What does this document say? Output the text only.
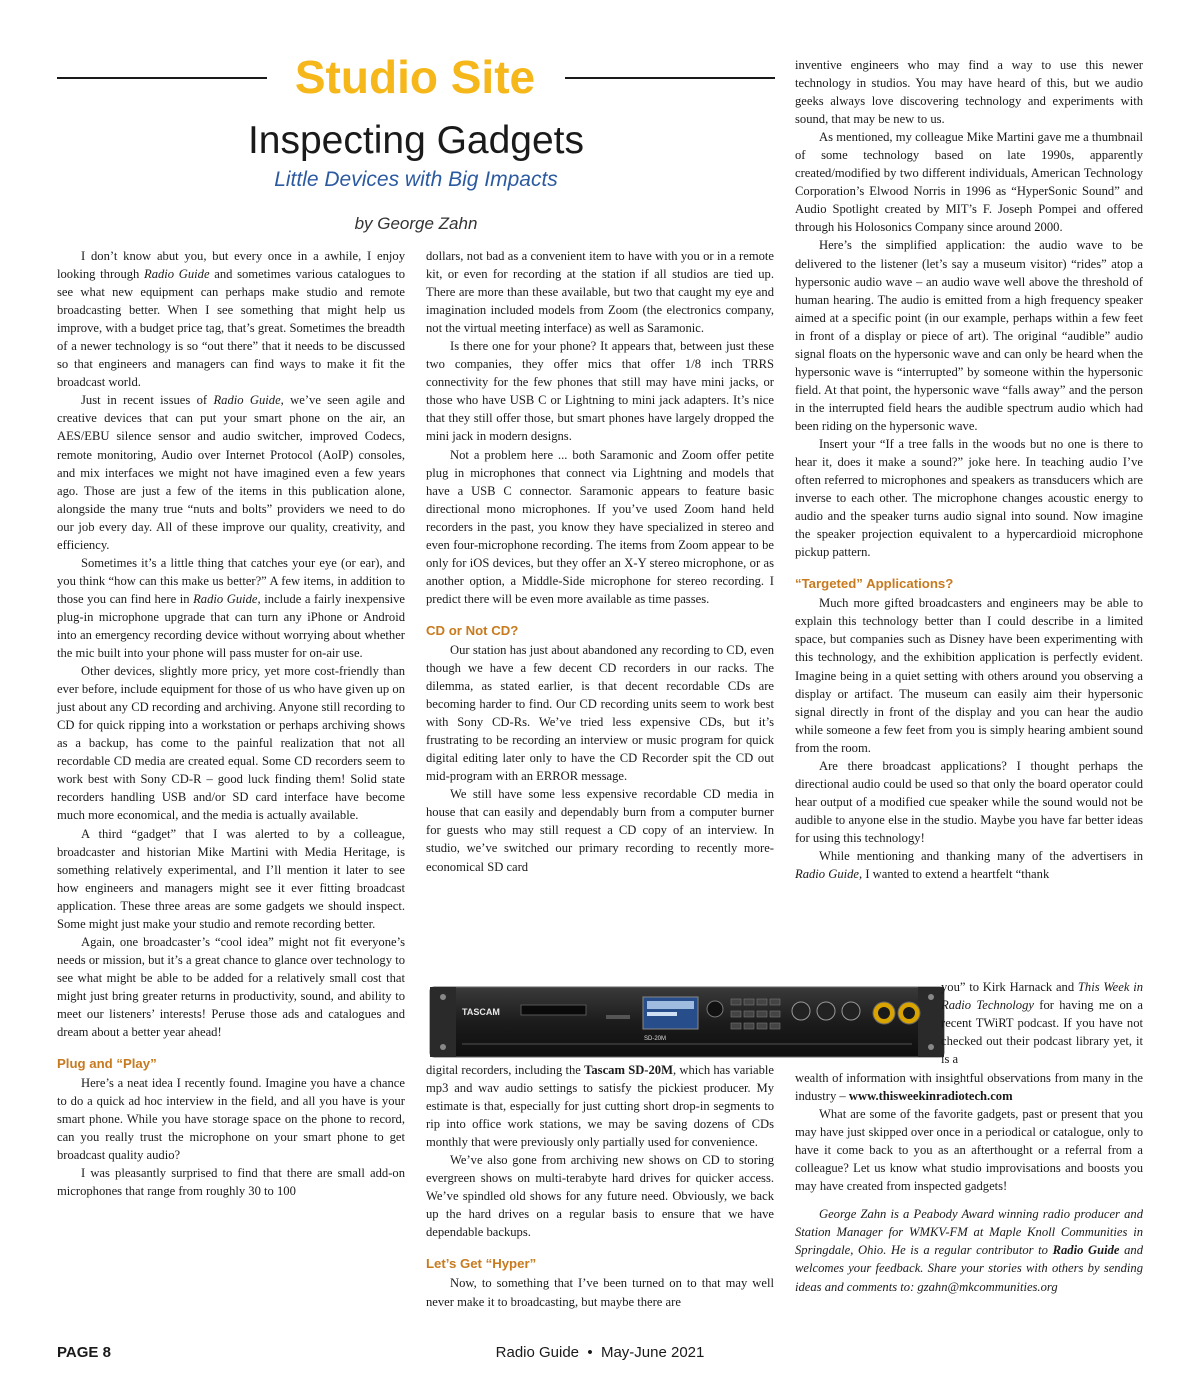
Studio Site
Inspecting Gadgets
Little Devices with Big Impacts
by George Zahn

I don’t know abut you, but every once in a awhile, I enjoy looking through Radio Guide and sometimes various catalogues to see what new equipment can perhaps make studio and remote broadcasting better. When I see something that might help us improve, with a budget price tag, that’s great. Sometimes the breadth of a newer technology is so “out there” that it needs to be discussed so that engineers and managers can find ways to make it fit the broadcast world.

Just in recent issues of Radio Guide, we’ve seen agile and creative devices that can put your smart phone on the air, an AES/EBU silence sensor and audio switcher, improved Codecs, remote monitoring, Audio over Internet Protocol (AoIP) consoles, and mix interfaces we might not have imagined even a few years ago. Those are just a few of the items in this publication alone, alongside the many true “nuts and bolts” providers we need to do our job every day. All of these improve our quality, creativity, and efficiency.

Sometimes it’s a little thing that catches your eye (or ear), and you think “how can this make us better?” A few items, in addition to those you can find here in Radio Guide, include a fairly inexpensive plug-in microphone upgrade that can turn any iPhone or Android into an emergency recording device without worrying about whether the mic built into your phone will pass muster for on-air use.

Other devices, slightly more pricy, yet more cost-friendly than ever before, include equipment for those of us who have given up on just about any CD recording and archiving. Anyone still recording to CD for quick ripping into a workstation or perhaps archiving shows as a backup, has come to the painful realization that not all recordable CD media are created equal. Some CD recorders seem to work best with Sony CD-R – good luck finding them! Solid state recorders handling USB and/or SD card interface have become much more economical, and the media is actually available.

A third “gadget” that I was alerted to by a colleague, broadcaster and historian Mike Martini with Media Heritage, is something relatively experimental, and I’ll mention it later to see how engineers and managers might see it ever fitting broadcast application. These three areas are some gadgets we should inspect. Some might just make your studio and remote recording better.

Again, one broadcaster’s “cool idea” might not fit everyone’s needs or mission, but it’s a great chance to glance over technology to see what might be able to be added for a relatively small cost that might just bring greater returns in productivity, sound, and ability to meet our listeners’ interests! Peruse those ads and catalogues and dream about a better year ahead!

Plug and “Play”

Here’s a neat idea I recently found. Imagine you have a chance to do a quick ad hoc interview in the field, and all you have is your smart phone. While you have storage space on the phone to record, can you really trust the microphone on your smart phone to get broadcast quality audio?

I was pleasantly surprised to find that there are small add-on microphones that range from roughly 30 to 100

dollars, not bad as a convenient item to have with you or in a remote kit, or even for recording at the station if all studios are tied up. There are more than these available, but two that caught my eye and imagination included models from Zoom (the electronics company, not the virtual meeting interface) as well as Saramonic.

Is there one for your phone? It appears that, between just these two companies, they offer mics that offer 1/8 inch TRRS connectivity for the few phones that still may have mini jacks, or those who have USB C or Lightning to mini jack adapters. It’s nice that they still offer those, but smart phones have largely dropped the mini jack in modern designs.

Not a problem here ... both Saramonic and Zoom offer petite plug in microphones that connect via Lightning and models that have a USB C connector. Saramonic appears to feature basic directional mono microphones. If you’ve used Zoom hand held recorders in the past, you know they have specialized in stereo and even four-microphone recording. The items from Zoom appear to be only for iOS devices, but they offer an X-Y stereo microphone, or as another option, a Middle-Side microphone for stereo recording. I predict there will be even more available as time passes.

CD or Not CD?

Our station has just about abandoned any recording to CD, even though we have a few decent CD recorders in our racks. The dilemma, as stated earlier, is that decent recordable CDs are becoming harder to find. Our CD recording units seem to work best with Sony CD-Rs. We’ve tried less expensive CDs, but it’s frustrating to be recording an interview or music program for quick digital editing later only to have the CD Recorder spit the CD out mid-program with an ERROR message.

We still have some less expensive recordable CD media in house that can easily and dependably burn from a computer burner for guests who may still request a CD copy of an interview. In studio, we’ve switched our primary recording to recently more-economical SD card

TASCAM
SD-20M

digital recorders, including the Tascam SD-20M, which has variable mp3 and wav audio settings to satisfy the pickiest producer. My estimate is that, especially for just cutting short drop-in segments to rip into office work stations, we may be saving dozens of CDs monthly that were previously only partially used for convenience.

We’ve also gone from archiving new shows on CD to storing evergreen shows on multi-terabyte hard drives for quicker access. We’ve spindled old shows for any future need. Obviously, we back up the hard drives on a regular basis to ensure that we have dependable backups.

Let’s Get “Hyper”

Now, to something that I’ve been turned on to that may well never make it to broadcasting, but maybe there are

inventive engineers who may find a way to use this newer technology in studios. You may have heard of this, but we audio geeks always love discovering technology and experiments with sound, that may be new to us.

As mentioned, my colleague Mike Martini gave me a thumbnail of some technology based on late 1990s, apparently created/modified by two different individuals, American Technology Corporation’s Elwood Norris in 1996 as “HyperSonic Sound” and Audio Spotlight created by MIT’s F. Joseph Pompei and offered through his Holosonics Company since around 2000.

Here’s the simplified application: the audio wave to be delivered to the listener (let’s say a museum visitor) “rides” atop a hypersonic audio wave – an audio wave well above the threshold of human hearing. The audio is emitted from a high frequency speaker aimed at a specific point (in our example, perhaps within a few feet in front of a display or piece of art). The original “audible” audio signal floats on the hypersonic wave and can only be heard when the hypersonic wave is “interrupted” by someone within the hypersonic field. At that point, the hypersonic wave “falls away” and the person in the interrupted field hears the audible spectrum audio which had been riding on the hypersonic wave.

Insert your “If a tree falls in the woods but no one is there to hear it, does it make a sound?” joke here. In teaching audio I’ve often referred to microphones and speakers as transducers which are inverse to each other. The microphone changes acoustic energy to audio and the speaker turns audio signal into sound. Now imagine the speaker projection equivalent to a hypercardioid microphone pickup pattern.

“Targeted” Applications?

Much more gifted broadcasters and engineers may be able to explain this technology better than I could describe in a limited space, but companies such as Disney have been experimenting with this technology, and the exhibition application is perfectly evident. Imagine being in a quiet setting with others around you observing a display or artifact. The museum can easily aim their hypersonic signal directly in front of the display and you can hear the audio while someone a few feet from you is simply hearing ambient sound from the room.

Are there broadcast applications? I thought perhaps the directional audio could be used so that only the board operator could hear output of a modified cue speaker while the sound would not be audible to anyone else in the studio. Maybe you have far better ideas for using this technology!

While mentioning and thanking many of the advertisers in Radio Guide, I wanted to extend a heartfelt “thank

you” to Kirk Harnack and This Week in Radio Technology for having me on a recent TWiRT podcast. If you have not checked out their podcast library yet, it is a

wealth of information with insightful observations from many in the industry – www.thisweekinradiotech.com

What are some of the favorite gadgets, past or present that you may have just skipped over once in a periodical or catalogue, only to have it come back to you as an afterthought or a referral from a colleague? Let us know what studio improvisations and boosts you may have created from inspected gadgets!

George Zahn is a Peabody Award winning radio producer and Station Manager for WMKV-FM at Maple Knoll Communities in Springdale, Ohio. He is a regular contributor to Radio Guide and welcomes your feedback. Share your stories with others by sending ideas and comments to: gzahn@mkcommunities.org

PAGE 8	Radio Guide  •  May-June 2021
